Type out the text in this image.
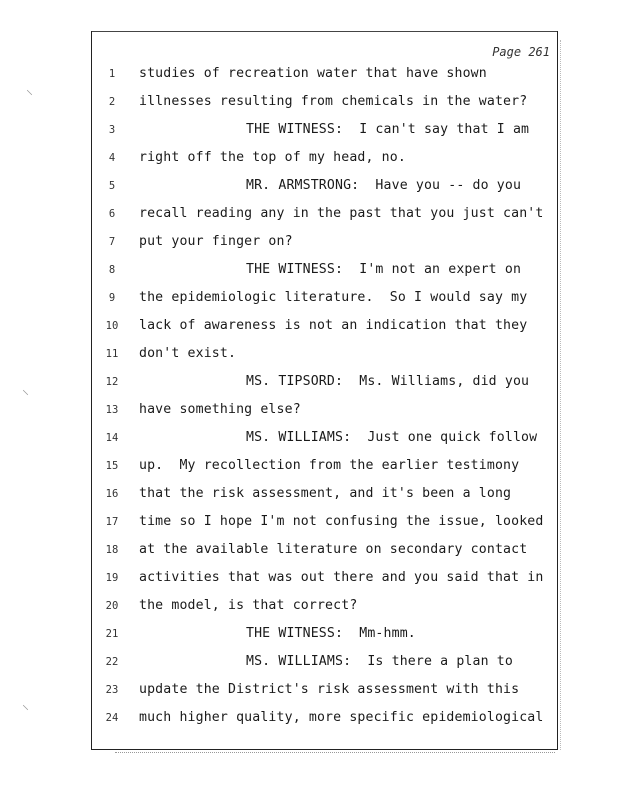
Page 261
1	studies of recreation water that have shown
2	illnesses resulting from chemicals in the water?
3	THE WITNESS:  I can't say that I am
4	right off the top of my head, no.
5	MR. ARMSTRONG:  Have you -- do you
6	recall reading any in the past that you just can't
7	put your finger on?
8	THE WITNESS:  I'm not an expert on
9	the epidemiologic literature.  So I would say my
10	lack of awareness is not an indication that they
11	don't exist.
12	MS. TIPSORD:  Ms. Williams, did you
13	have something else?
14	MS. WILLIAMS:  Just one quick follow
15	up.  My recollection from the earlier testimony
16	that the risk assessment, and it's been a long
17	time so I hope I'm not confusing the issue, looked
18	at the available literature on secondary contact
19	activities that was out there and you said that in
20	the model, is that correct?
21	THE WITNESS:  Mm-hmm.
22	MS. WILLIAMS:  Is there a plan to
23	update the District's risk assessment with this
24	much higher quality, more specific epidemiological
⸜
⸜
⸜
